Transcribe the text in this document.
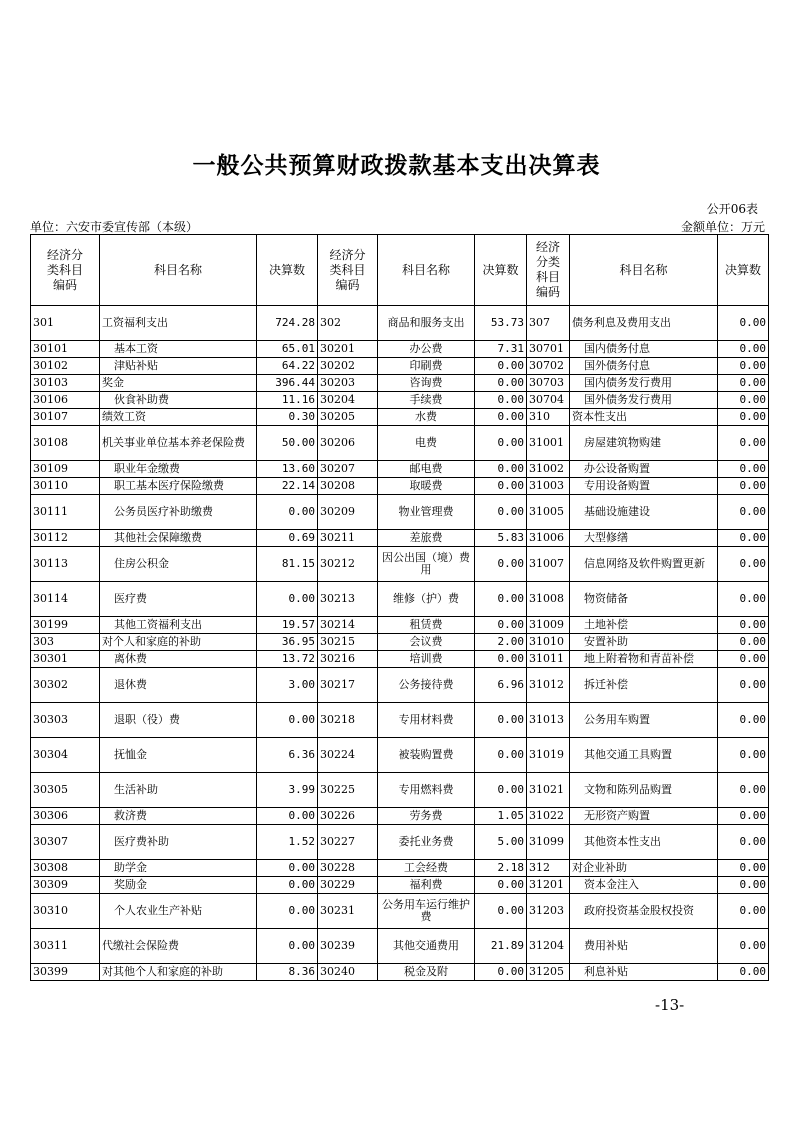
一般公共预算财政拨款基本支出决算表
公开06表
单位：六安市委宣传部（本级）	金额单位：万元
经济分类科目编码	科目名称	决算数	经济分类科目编码	科目名称	决算数	经济分类科目编码	科目名称	决算数
301	工资福利支出	724.28	302	商品和服务支出	53.73	307	债务利息及费用支出	0.00
30101	基本工资	65.01	30201	办公费	7.31	30701	国内债务付息	0.00
30102	津贴补贴	64.22	30202	印刷费	0.00	30702	国外债务付息	0.00
30103	奖金	396.44	30203	咨询费	0.00	30703	国内债务发行费用	0.00
30106	伙食补助费	11.16	30204	手续费	0.00	30704	国外债务发行费用	0.00
30107	绩效工资	0.30	30205	水费	0.00	310	资本性支出	0.00
30108	机关事业单位基本养老保险费	50.00	30206	电费	0.00	31001	房屋建筑物购建	0.00
30109	职业年金缴费	13.60	30207	邮电费	0.00	31002	办公设备购置	0.00
30110	职工基本医疗保险缴费	22.14	30208	取暖费	0.00	31003	专用设备购置	0.00
30111	公务员医疗补助缴费	0.00	30209	物业管理费	0.00	31005	基础设施建设	0.00
30112	其他社会保障缴费	0.69	30211	差旅费	5.83	31006	大型修缮	0.00
30113	住房公积金	81.15	30212	因公出国（境）费用	0.00	31007	信息网络及软件购置更新	0.00
30114	医疗费	0.00	30213	维修（护）费	0.00	31008	物资储备	0.00
30199	其他工资福利支出	19.57	30214	租赁费	0.00	31009	土地补偿	0.00
303	对个人和家庭的补助	36.95	30215	会议费	2.00	31010	安置补助	0.00
30301	离休费	13.72	30216	培训费	0.00	31011	地上附着物和青苗补偿	0.00
30302	退休费	3.00	30217	公务接待费	6.96	31012	拆迁补偿	0.00
30303	退职（役）费	0.00	30218	专用材料费	0.00	31013	公务用车购置	0.00
30304	抚恤金	6.36	30224	被装购置费	0.00	31019	其他交通工具购置	0.00
30305	生活补助	3.99	30225	专用燃料费	0.00	31021	文物和陈列品购置	0.00
30306	救济费	0.00	30226	劳务费	1.05	31022	无形资产购置	0.00
30307	医疗费补助	1.52	30227	委托业务费	5.00	31099	其他资本性支出	0.00
30308	助学金	0.00	30228	工会经费	2.18	312	对企业补助	0.00
30309	奖励金	0.00	30229	福利费	0.00	31201	资本金注入	0.00
30310	个人农业生产补贴	0.00	30231	公务用车运行维护费	0.00	31203	政府投资基金股权投资	0.00
30311	代缴社会保险费	0.00	30239	其他交通费用	21.89	31204	费用补贴	0.00
30399	对其他个人和家庭的补助	8.36	30240	税金及附	0.00	31205	利息补贴	0.00
-13-
